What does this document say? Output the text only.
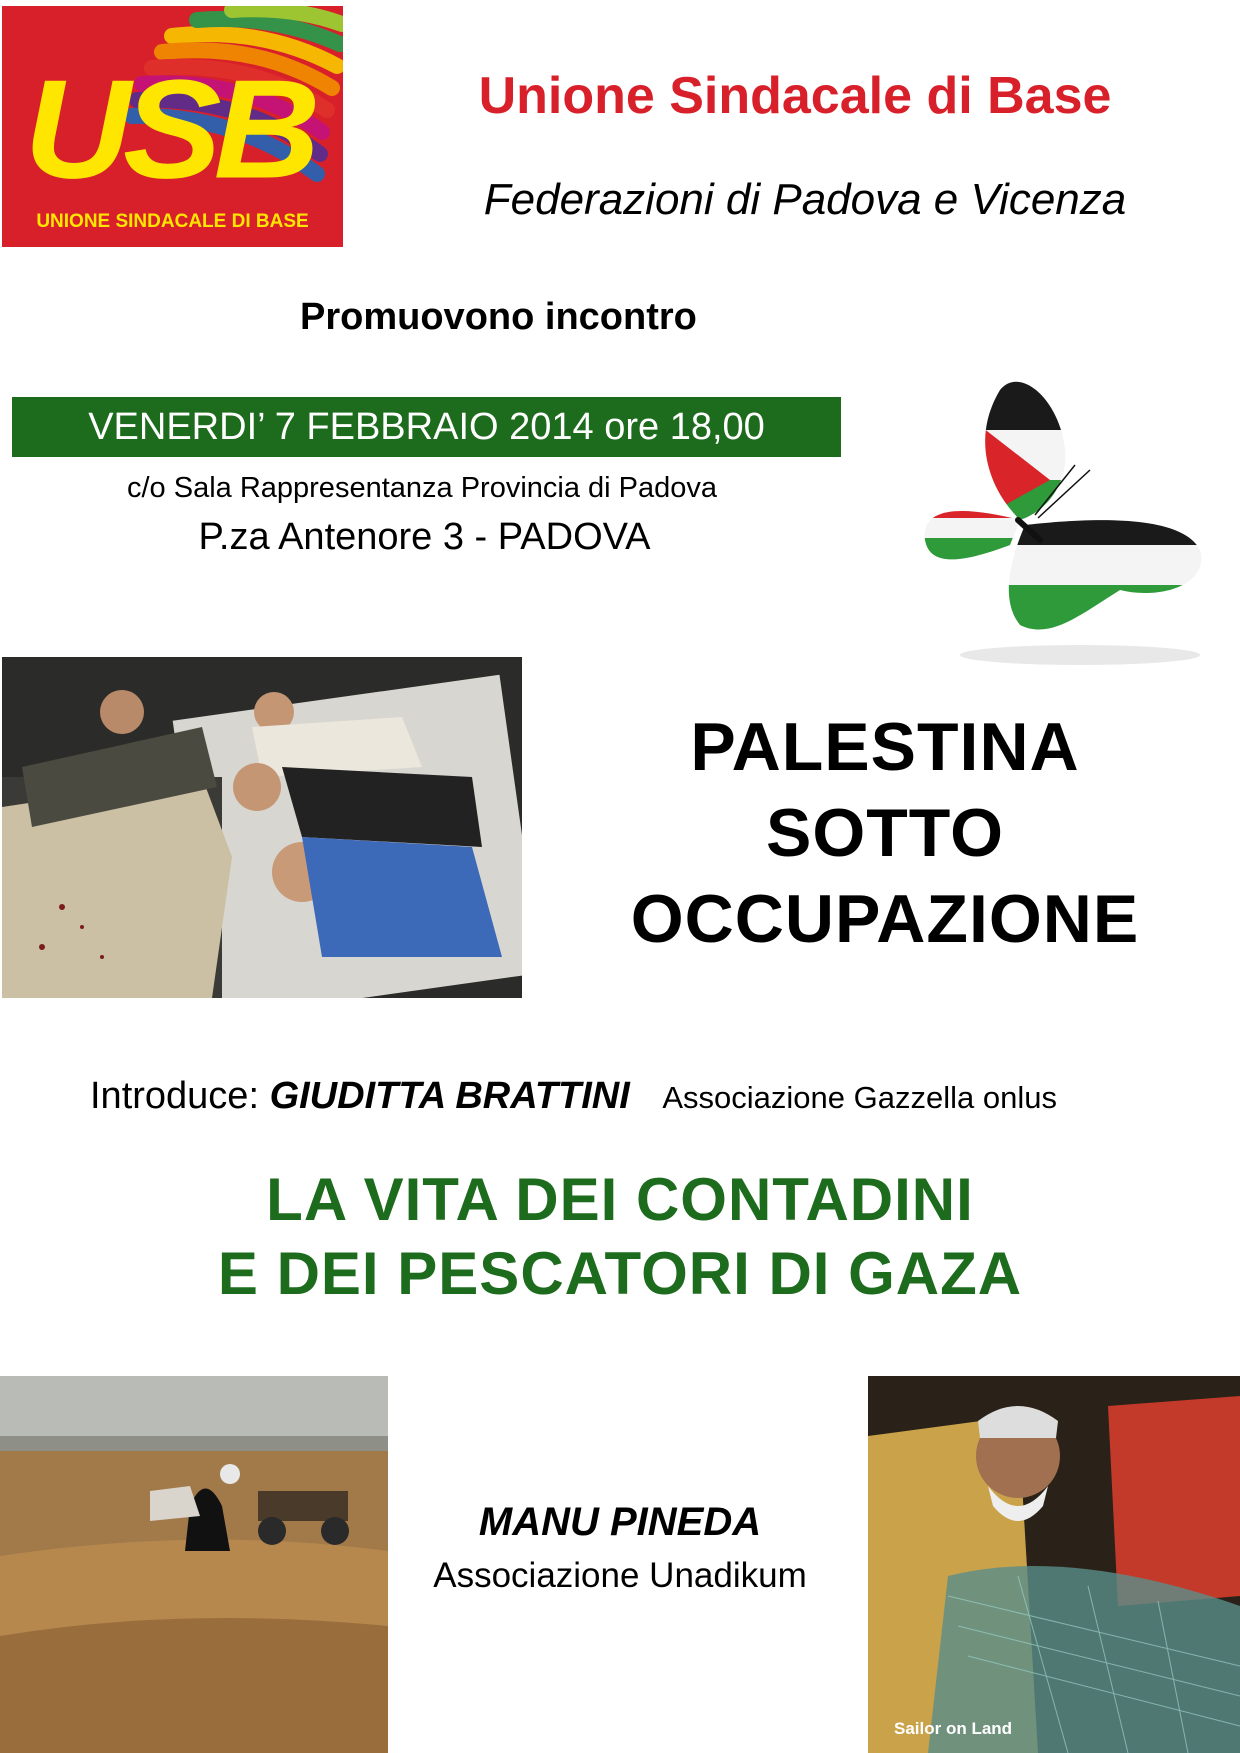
USB
UNIONE SINDACALE DI BASE
Unione Sindacale di Base
Federazioni di Padova e Vicenza
Promuovono incontro
VENERDI’ 7 FEBBRAIO 2014 ore 18,00
c/o Sala Rappresentanza Provincia di Padova
P.za Antenore 3 - PADOVA
PALESTINA
SOTTO
OCCUPAZIONE
Introduce: GIUDITTA BRATTINI Associazione Gazzella onlus
LA VITA DEI CONTADINI
E DEI PESCATORI DI GAZA
MANU PINEDA
Associazione Unadikum
Sailor on Land
